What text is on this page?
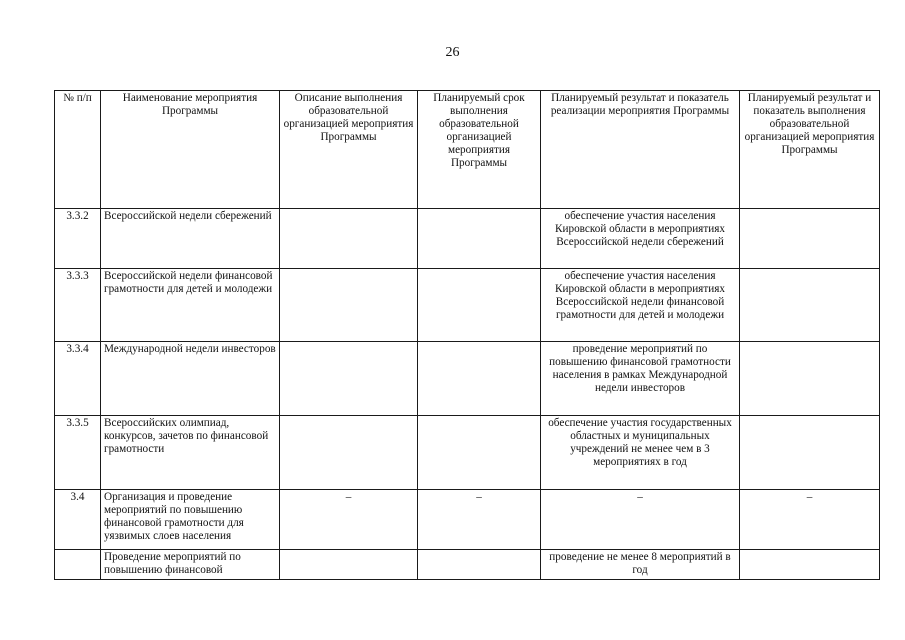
26
№ п/п	Наименование мероприятия Программы	Описание выполнения образовательной организацией мероприятия Программы	Планируемый срок выполнения образовательной организацией мероприятия Программы	Планируемый результат и показатель реализации мероприятия Программы	Планируемый результат и показатель выполнения образовательной организацией мероприятия Программы
3.3.2	Всероссийской недели сбережений			обеспечение участия населения Кировской области в мероприятиях Всероссийской недели сбережений	
3.3.3	Всероссийской недели финансовой грамотности для детей и молодежи			обеспечение участия населения Кировской области в мероприятиях Всероссийской недели финансовой грамотности для детей и молодежи	
3.3.4	Международной недели инвесторов			проведение мероприятий по повышению финансовой грамотности населения в рамках Международной недели инвесторов	
3.3.5	Всероссийских олимпиад, конкурсов, зачетов по финансовой грамотности			обеспечение участия государственных областных и муниципальных учреждений не менее чем в 3 мероприятиях в год	
3.4	Организация и проведение мероприятий по повышению финансовой грамотности для уязвимых слоев населения	–	–	–	–
	Проведение мероприятий по повышению финансовой			проведение не менее 8 мероприятий в год	
